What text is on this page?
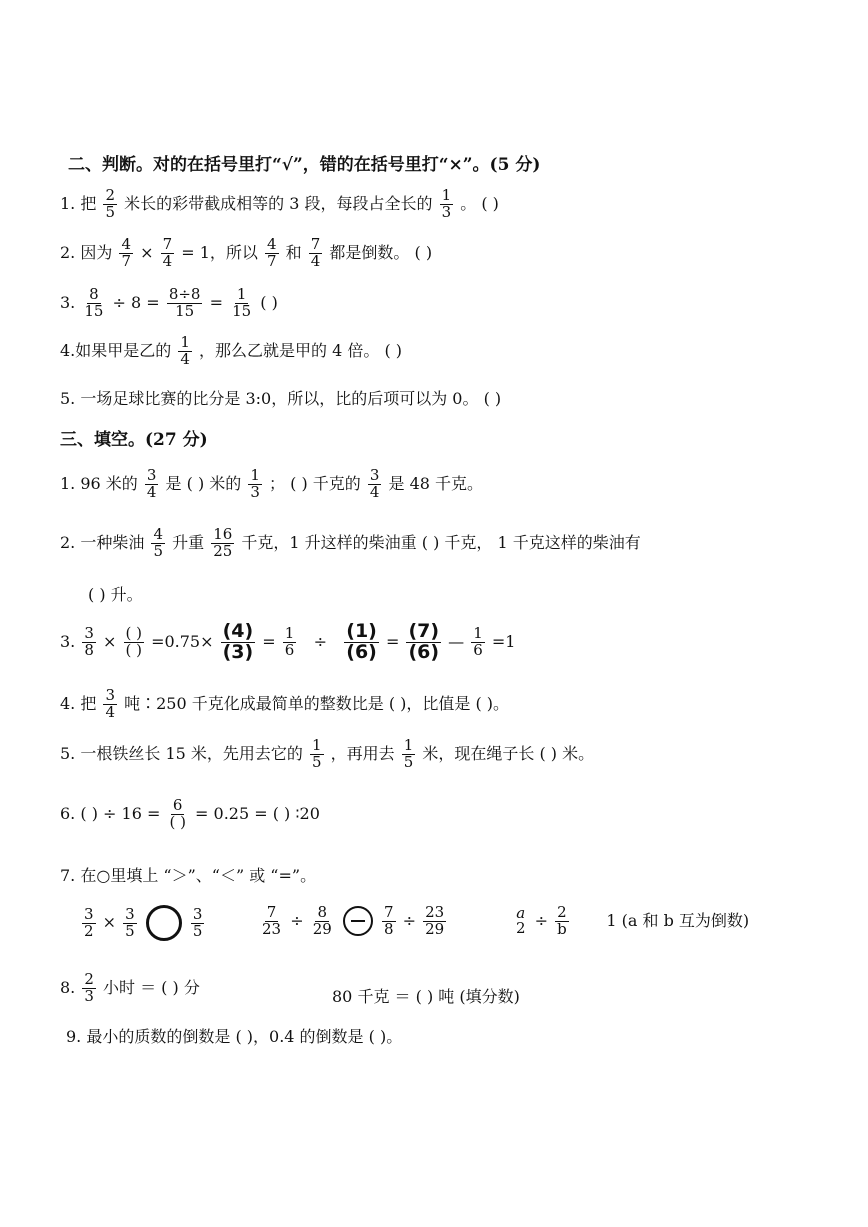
二、判断。对的在括号里打“√”，错的在括号里打“×”。(5 分)
1. 把 $\frac{2}{5}$ 米长的彩带截成相等的 3 段，每段占全长的 $\frac{1}{3}$ 。 ( )
2. 因为 $\frac{4}{7} \times \frac{7}{4} = 1$，所以 $\frac{4}{7}$ 和 $\frac{7}{4}$ 都是倒数。 ( )
3. $\frac{8}{15} \div 8 = \frac{8\div 8}{15} = \frac{1}{15}$ ( )
4.如果甲是乙的 $\frac{1}{4}$ ，那么乙就是甲的 4 倍。 ( )
5. 一场足球比赛的比分是 3:0，所以，比的后项可以为 0。 ( )
三、填空。(27 分)
1. 96 米的 $\frac{3}{4}$ 是 ( ) 米的 $\frac{1}{3}$ ； ( ) 千克的 $\frac{3}{4}$ 是 48 千克。
2. 一种柴油 $\frac{4}{5}$ 升重 $\frac{16}{25}$ 千克，1 升这样的柴油重 ( ) 千克， 1 千克这样的柴油有
( ) 升。
3. $\frac{3}{8} \times \frac{( )}{( )} =0.75\times \frac{(4)}{(3)} = \frac{1}{6} \div \frac{(1)}{(6)} = \frac{(7)}{(6)}$ — $\frac{1}{6} =1$
4. 把 $\frac{3}{4}$ 吨∶250 千克化成最简单的整数比是 ( )，比值是 ( )。
5. 一根铁丝长 15 米，先用去它的 $\frac{1}{5}$ ，再用去 $\frac{1}{5}$ 米，现在绳子长 ( ) 米。
6. ( ) ÷ $16 = \frac{6}{( )} = 0.25$ = ( ) ∶20
7. 在○里填上 “＞”、“＜” 或 “=”。
$\frac{3}{2} \times \frac{3}{5}$
	$\frac{3}{5}$	$\frac{7}{23} \div \frac{8}{29}$
	$\frac{7}{8} \div \frac{23}{29}$	a
$2 \div \frac{2}{b} 1$ (a 和 b 互为倒数)
8. $\frac{2}{3}$ 小时 ＝ ( ) 分	80 千克 ＝ ( ) 吨 (填分数)
9. 最小的质数的倒数是 ( )，0.4 的倒数是 ( )。
